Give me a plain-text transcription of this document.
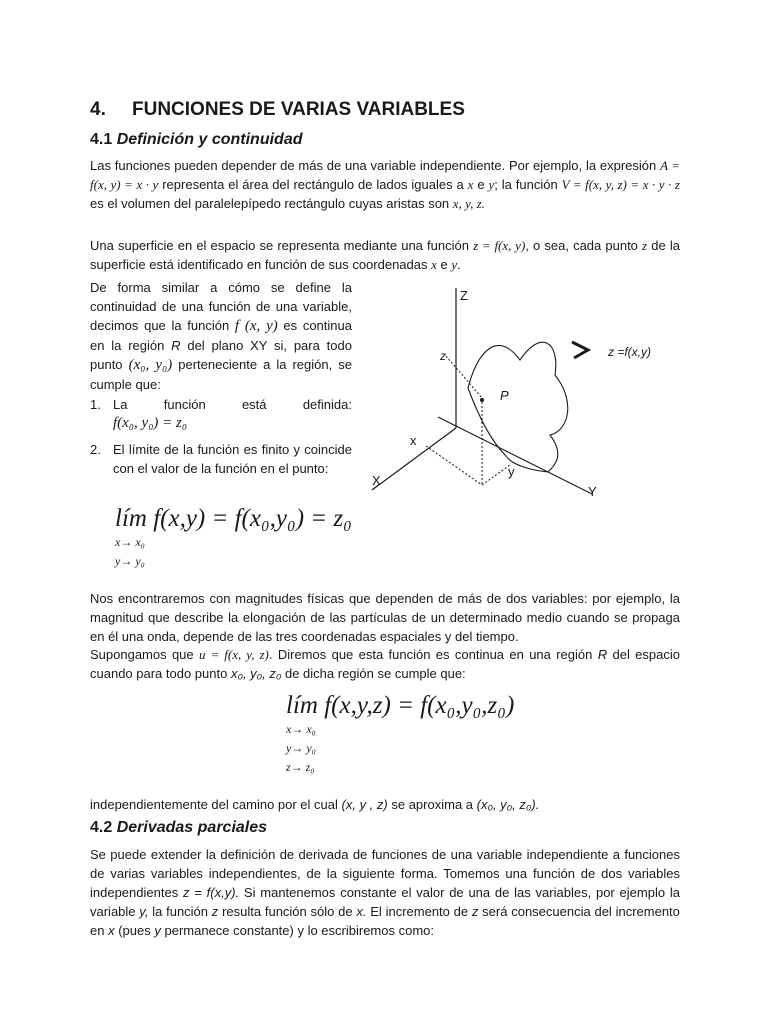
4. FUNCIONES DE VARIAS VARIABLES
4.1 Definición y continuidad
Las funciones pueden depender de más de una variable independiente. Por ejemplo, la expresión A = f(x, y) = x · y representa el área del rectángulo de lados iguales a x e y; la función V = f(x, y, z) = x · y · z es el volumen del paralelepípedo rectángulo cuyas aristas son x, y, z.
Una superficie en el espacio se representa mediante una función z = f(x, y), o sea, cada punto z de la superficie está identificado en función de sus coordenadas x e y.
De forma similar a cómo se define la continuidad de una función de una variable, decimos que la función f (x, y) es continua en la región R del plano XY si, para todo punto (x₀, y₀) perteneciente a la región, se cumple que:
1. La	función	está	definida:
f(x₀, y₀) = z₀
2. El límite de la función es finito y coincide con el valor de la función en el punto:
lím f(x,y) = f(x₀,y₀) = z₀
x→ x₀
y→ y₀
Z
X
Y
z
x
y
P
z =f(x,y)
Nos encontraremos con magnitudes físicas que dependen de más de dos variables: por ejemplo, la magnitud que describe la elongación de las partículas de un determinado medio cuando se propaga en él una onda, depende de las tres coordenadas espaciales y del tiempo.
Supongamos que u = f(x, y, z). Diremos que esta función es continua en una región R del espacio cuando para todo punto x₀, y₀, z₀ de dicha región se cumple que:
lím f(x,y,z) = f(x₀,y₀,z₀)
x→ x₀
y→ y₀
z→ z₀
independientemente del camino por el cual (x, y , z) se aproxima a (x₀, y₀, z₀).
4.2 Derivadas parciales
Se puede extender la definición de derivada de funciones de una variable independiente a funciones de varias variables independientes, de la siguiente forma. Tomemos una función de dos variables independientes z = f(x,y). Si mantenemos constante el valor de una de las variables, por ejemplo la variable y, la función z resulta función sólo de x. El incremento de z será consecuencia del incremento en x (pues y permanece constante) y lo escribiremos como:
